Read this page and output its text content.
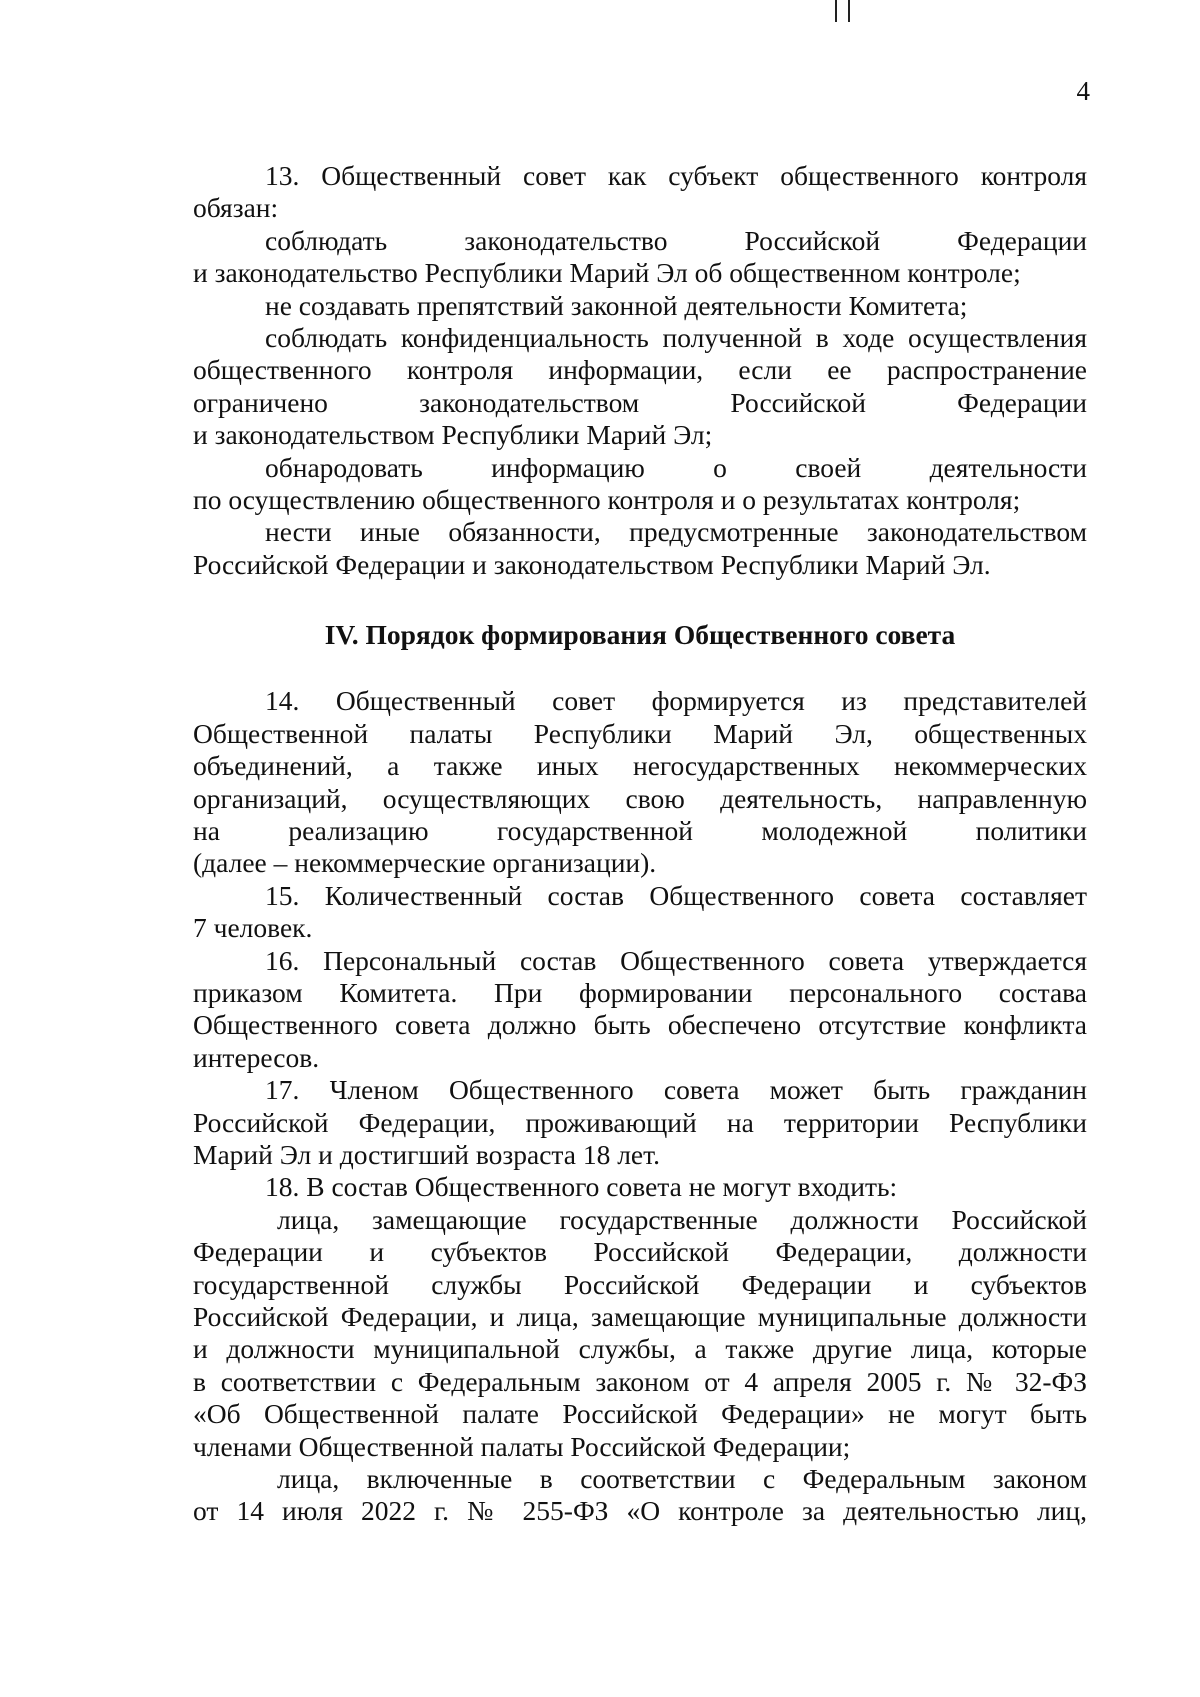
4

13. Общественный совет как субъект общественного контроля

обязан:

соблюдать законодательство Российской Федерации

и законодательство Республики Марий Эл об общественном контроле;

не создавать препятствий законной деятельности Комитета;

соблюдать конфиденциальность полученной в ходе осуществления

общественного контроля информации, если ее распространение

ограничено законодательством Российской Федерации

и законодательством Республики Марий Эл;

обнародовать информацию о своей деятельности

по осуществлению общественного контроля и о результатах контроля;

нести иные обязанности, предусмотренные законодательством

Российской Федерации и законодательством Республики Марий Эл.

IV. Порядок формирования Общественного совета

14. Общественный совет формируется из представителей

Общественной палаты Республики Марий Эл, общественных

объединений, а также иных негосударственных некоммерческих

организаций, осуществляющих свою деятельность, направленную

на реализацию государственной молодежной политики

(далее – некоммерческие организации).

15. Количественный состав Общественного совета составляет

7 человек.

16. Персональный состав Общественного совета утверждается

приказом Комитета. При формировании персонального состава

Общественного совета должно быть обеспечено отсутствие конфликта

интересов.

17. Членом Общественного совета может быть гражданин

Российской Федерации, проживающий на территории Республики

Марий Эл и достигший возраста 18 лет.

18. В состав Общественного совета не могут входить:

лица, замещающие государственные должности Российской

Федерации и субъектов Российской Федерации, должности

государственной службы Российской Федерации и субъектов

Российской Федерации, и лица, замещающие муниципальные должности

и должности муниципальной службы, а также другие лица, которые

в соответствии с Федеральным законом от 4 апреля 2005 г. № 32-ФЗ

«Об Общественной палате Российской Федерации» не могут быть

членами Общественной палаты Российской Федерации;

лица, включенные в соответствии с Федеральным законом

от 14 июля 2022 г. № 255-ФЗ «О контроле за деятельностью лиц,
